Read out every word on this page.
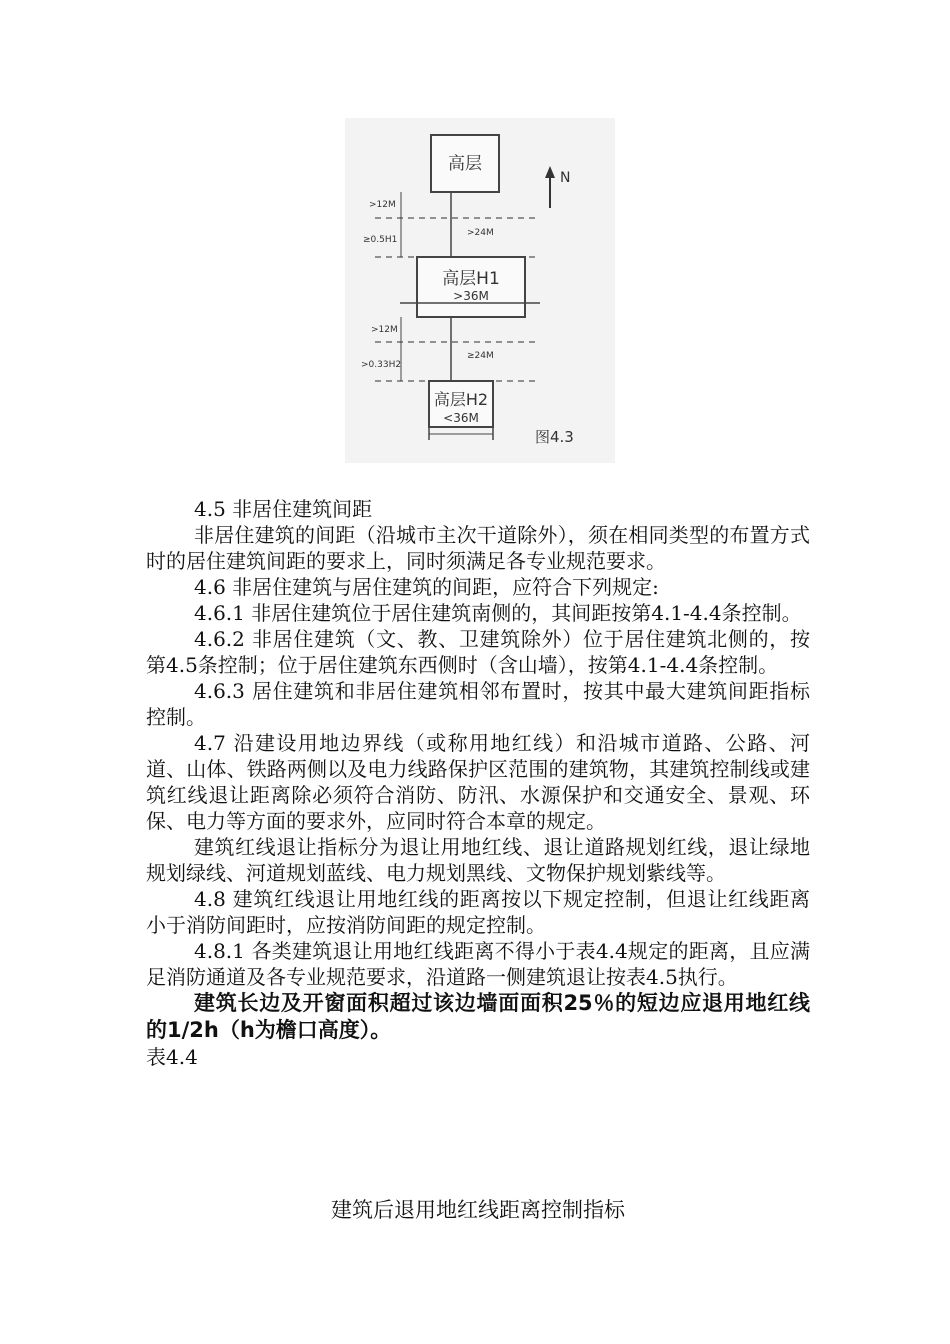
高层
高层H1
>36M
高层H2
<36M
>12M
≥0.5H1
>12M
>0.33H2
>24M
≥24M
N
图4.3

4.5 非居住建筑间距

非居住建筑的间距（沿城市主次干道除外），须在相同类型的布置方式时的居住建筑间距的要求上，同时须满足各专业规范要求。

4.6 非居住建筑与居住建筑的间距，应符合下列规定:

4.6.1 非居住建筑位于居住建筑南侧的，其间距按第4.1-4.4条控制。

4.6.2 非居住建筑（文、教、卫建筑除外）位于居住建筑北侧的，按第4.5条控制；位于居住建筑东西侧时（含山墙），按第4.1-4.4条控制。

4.6.3 居住建筑和非居住建筑相邻布置时，按其中最大建筑间距指标控制。

4.7 沿建设用地边界线（或称用地红线）和沿城市道路、公路、河道、山体、铁路两侧以及电力线路保护区范围的建筑物，其建筑控制线或建筑红线退让距离除必须符合消防、防汛、水源保护和交通安全、景观、环保、电力等方面的要求外，应同时符合本章的规定。

建筑红线退让指标分为退让用地红线、退让道路规划红线，退让绿地规划绿线、河道规划蓝线、电力规划黑线、文物保护规划紫线等。

4.8 建筑红线退让用地红线的距离按以下规定控制，但退让红线距离小于消防间距时，应按消防间距的规定控制。

4.8.1 各类建筑退让用地红线距离不得小于表4.4规定的距离，且应满足消防通道及各专业规范要求，沿道路一侧建筑退让按表4.5执行。

建筑长边及开窗面积超过该边墙面面积25％的短边应退用地红线的1/2h（h为檐口高度）。

表4.4

建筑后退用地红线距离控制指标
